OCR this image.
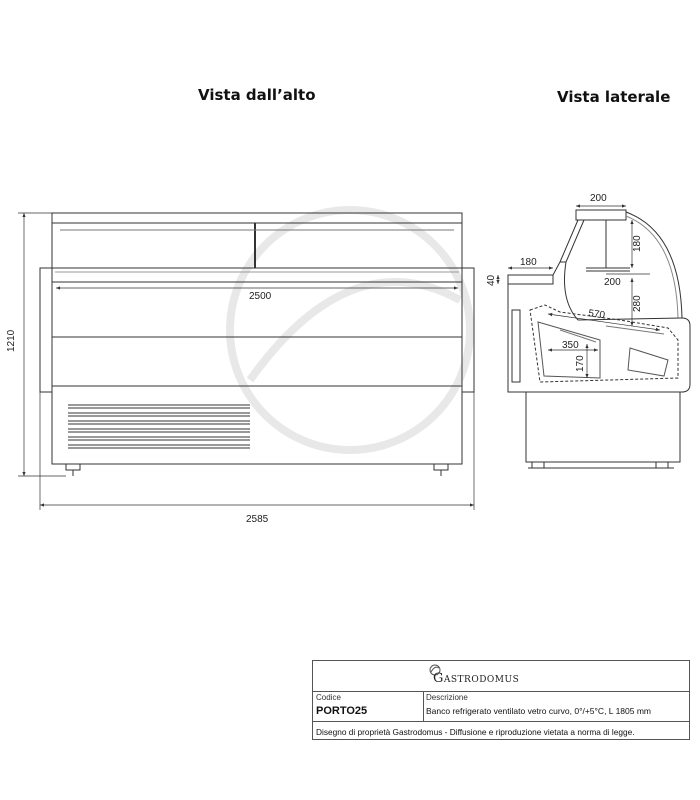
Vista dall’alto	Vista laterale
2500
2585
1210
200
180
200
180
40
280
570
350
170
Gastrodomus
Codice
PORTO25
Descrizione
Banco refrigerato ventilato vetro curvo, 0°/+5°C, L 1805 mm
Disegno di proprietà Gastrodomus - Diffusione e riproduzione vietata a norma di legge.
